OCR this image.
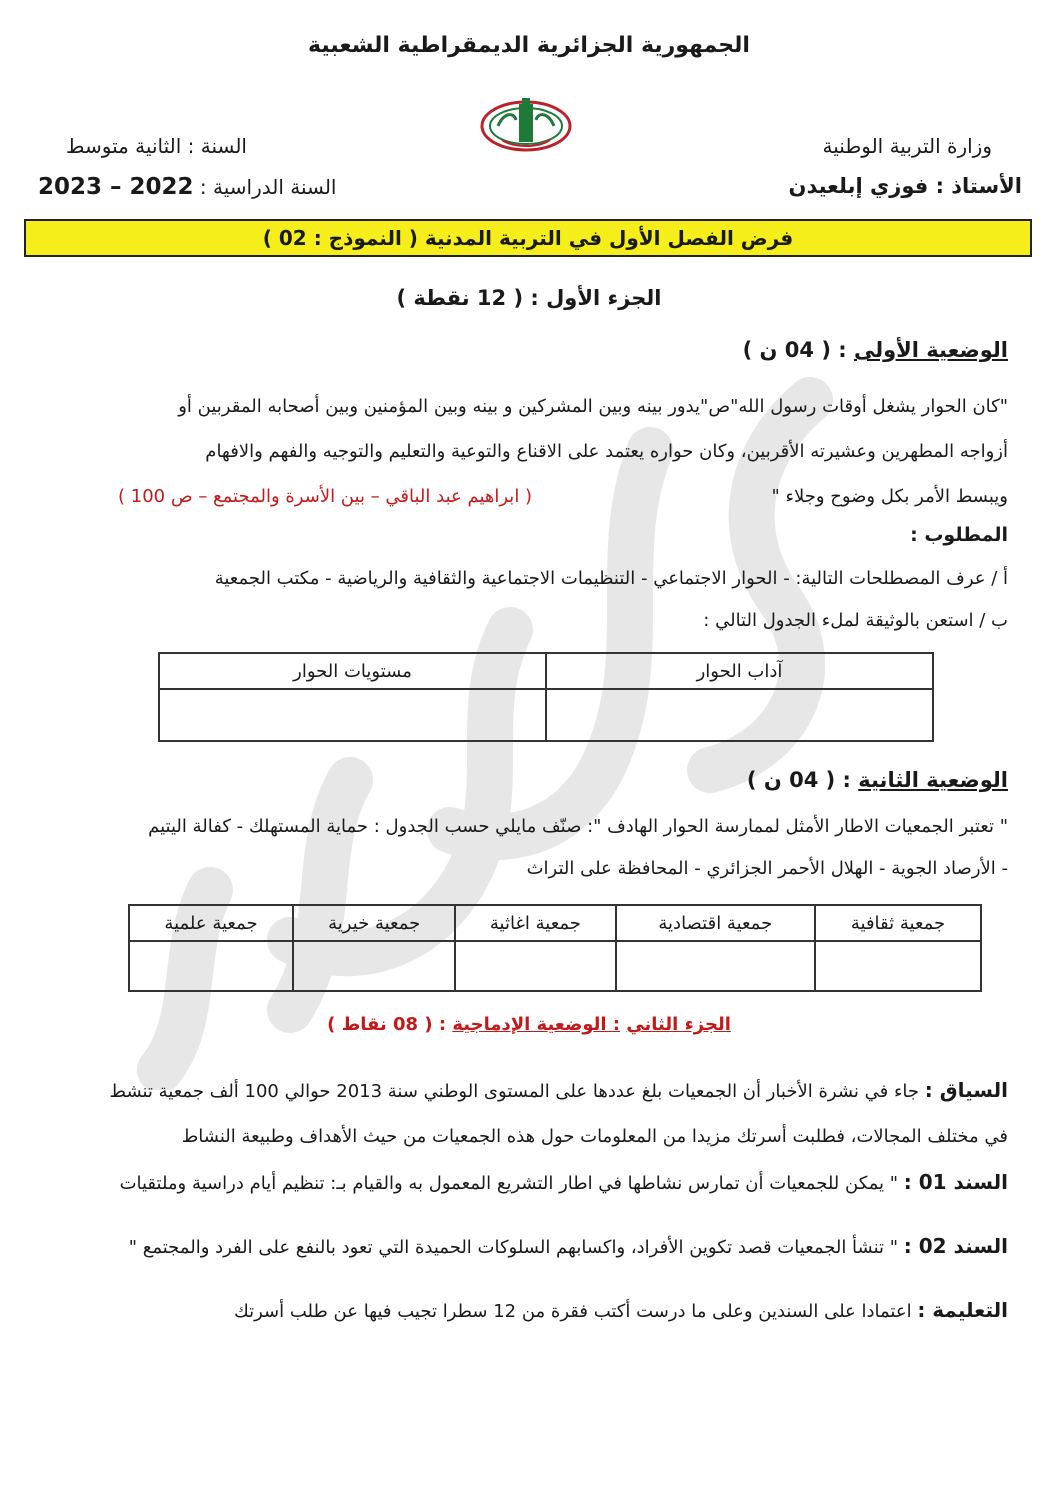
الجمهورية الجزائرية الديمقراطية الشعبية
وزارة التربية الوطنية
الأستاذ : فوزي إبلعيدن
السنة : الثانية متوسط
السنة الدراسية : 2022 – 2023
فرض الفصل الأول في التربية المدنية ( النموذج : 02 )
الجزء الأول : ( 12 نقطة )
الوضعية الأولى : ( 04 ن )
"كان الحوار يشغل أوقات رسول الله"ص"يدور بينه وبين المشركين و بينه وبين المؤمنين وبين أصحابه المقربين أو
أزواجه المطهرين وعشيرته الأقربين، وكان حواره يعتمد على الاقناع والتوعية والتعليم والتوجيه والفهم والافهام
ويبسط الأمر بكل وضوح وجلاء "
( ابراهيم عبد الباقي – بين الأسرة والمجتمع – ص 100 )
المطلوب :
أ / عرف المصطلحات التالية: - الحوار الاجتماعي - التنظيمات الاجتماعية والثقافية والرياضية - مكتب الجمعية
ب / استعن بالوثيقة لملء الجدول التالي :
آداب الحوار	مستويات الحوار

الوضعية الثانية : ( 04 ن )
" تعتبر الجمعيات الاطار الأمثل لممارسة الحوار الهادف ": صنّف مايلي حسب الجدول : حماية المستهلك - كفالة اليتيم
- الأرصاد الجوية - الهلال الأحمر الجزائري - المحافظة على التراث
جمعية ثقافية	جمعية اقتصادية	جمعية اغاثية	جمعية خيرية	جمعية علمية

الجزء الثاني : الوضعية الإدماجية : ( 08 نقاط )
السياق : جاء في نشرة الأخبار أن الجمعيات بلغ عددها على المستوى الوطني سنة 2013 حوالي 100 ألف جمعية تنشط
في مختلف المجالات، فطلبت أسرتك مزيدا من المعلومات حول هذه الجمعيات من حيث الأهداف وطبيعة النشاط
السند 01 : " يمكن للجمعيات أن تمارس نشاطها في اطار التشريع المعمول به والقيام بـ: تنظيم أيام دراسية وملتقيات
السند 02 : " تنشأ الجمعيات قصد تكوين الأفراد، واكسابهم السلوكات الحميدة التي تعود بالنفع على الفرد والمجتمع "
التعليمة : اعتمادا على السندين وعلى ما درست أكتب فقرة من 12 سطرا تجيب فيها عن طلب أسرتك
